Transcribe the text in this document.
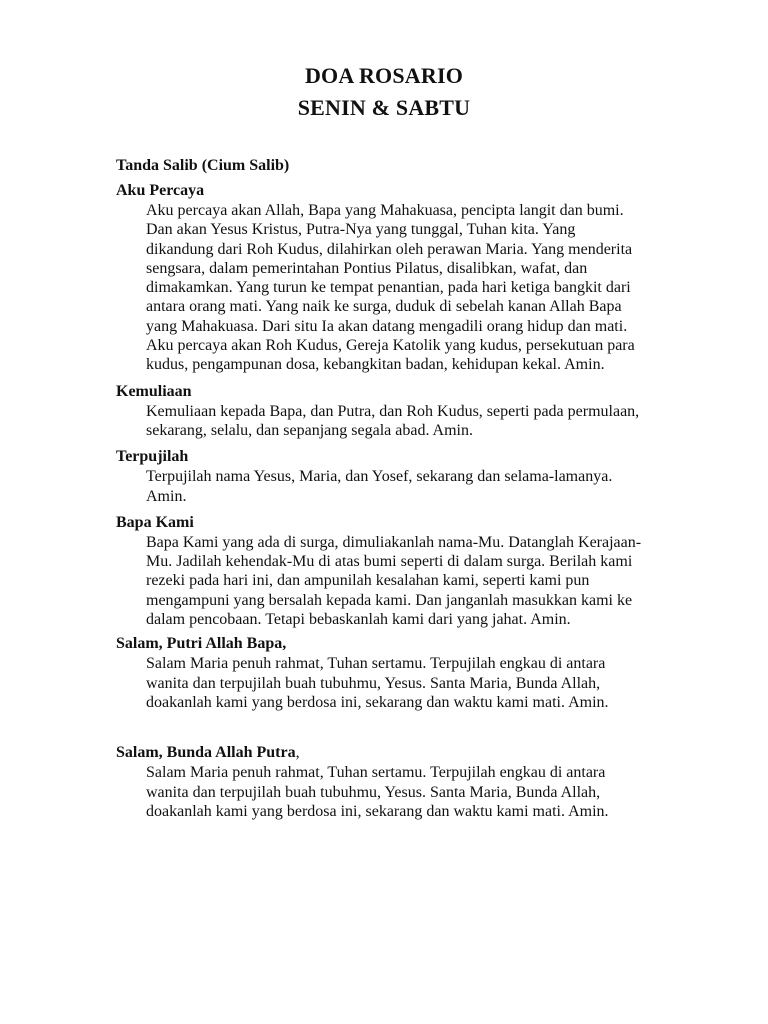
DOA ROSARIO
SENIN & SABTU

Tanda Salib (Cium Salib)

Aku Percaya

Aku percaya akan Allah, Bapa yang Mahakuasa, pencipta langit dan bumi. Dan akan Yesus Kristus, Putra-Nya yang tunggal, Tuhan kita. Yang dikandung dari Roh Kudus, dilahirkan oleh perawan Maria. Yang menderita sengsara, dalam pemerintahan Pontius Pilatus, disalibkan, wafat, dan dimakamkan. Yang turun ke tempat penantian, pada hari ketiga bangkit dari antara orang mati. Yang naik ke surga, duduk di sebelah kanan Allah Bapa yang Mahakuasa. Dari situ Ia akan datang mengadili orang hidup dan mati. Aku percaya akan Roh Kudus, Gereja Katolik yang kudus, persekutuan para kudus, pengampunan dosa, kebangkitan badan, kehidupan kekal. Amin.

Kemuliaan

Kemuliaan kepada Bapa, dan Putra, dan Roh Kudus, seperti pada permulaan, sekarang, selalu, dan sepanjang segala abad. Amin.

Terpujilah

Terpujilah nama Yesus, Maria, dan Yosef, sekarang dan selama-lamanya. Amin.

Bapa Kami

Bapa Kami yang ada di surga, dimuliakanlah nama-Mu. Datanglah Kerajaan-Mu. Jadilah kehendak-Mu di atas bumi seperti di dalam surga. Berilah kami rezeki pada hari ini, dan ampunilah kesalahan kami, seperti kami pun mengampuni yang bersalah kepada kami. Dan janganlah masukkan kami ke dalam pencobaan. Tetapi bebaskanlah kami dari yang jahat. Amin.

Salam, Putri Allah Bapa,

Salam Maria penuh rahmat, Tuhan sertamu. Terpujilah engkau di antara wanita dan terpujilah buah tubuhmu, Yesus. Santa Maria, Bunda Allah, doakanlah kami yang berdosa ini, sekarang dan waktu kami mati. Amin.

Salam, Bunda Allah Putra,

Salam Maria penuh rahmat, Tuhan sertamu. Terpujilah engkau di antara wanita dan terpujilah buah tubuhmu, Yesus. Santa Maria, Bunda Allah, doakanlah kami yang berdosa ini, sekarang dan waktu kami mati. Amin.
